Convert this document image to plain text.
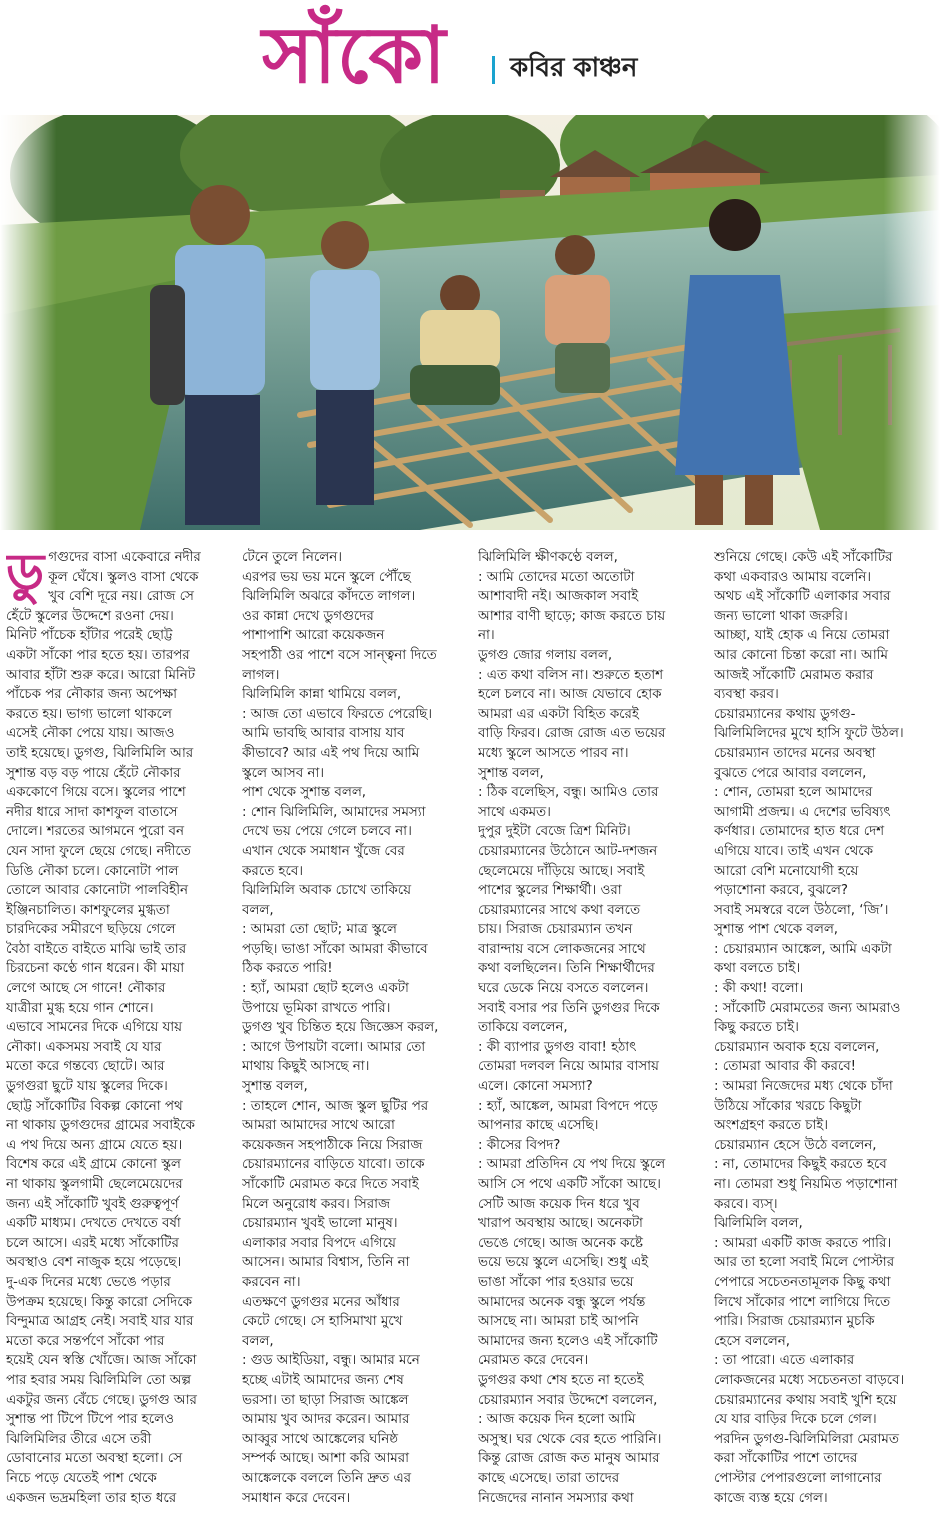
সাঁকো কবির কাঞ্চন
ডু গগুদের বাসা একেবারে নদীর
কূল ঘেঁষে। স্কুলও বাসা থেকে
খুব বেশি দূরে নয়। রোজ সে
হেঁটে স্কুলের উদ্দেশে রওনা দেয়।
মিনিট পাঁচেক হাঁটার পরেই ছোট্ট
একটা সাঁকো পার হতে হয়। তারপর
আবার হাঁটা শুরু করে। আরো মিনিট
পাঁচেক পর নৌকার জন্য অপেক্ষা
করতে হয়। ভাগ্য ভালো থাকলে
এসেই নৌকা পেয়ে যায়। আজও
তাই হয়েছে। ডুগগু, ঝিলিমিলি আর
সুশান্ত বড় বড় পায়ে হেঁটে নৌকার
এককোণে গিয়ে বসে। স্কুলের পাশে
নদীর ধারে সাদা কাশফুল বাতাসে
দোলে। শরতের আগমনে পুরো বন
যেন সাদা ফুলে ছেয়ে গেছে। নদীতে
ডিঙি নৌকা চলে। কোনোটা পাল
তোলে আবার কোনোটা পালবিহীন
ইঞ্জিনচালিত। কাশফুলের মুগ্ধতা
চারদিকের সমীরণে ছড়িয়ে গেলে
বৈঠা বাইতে বাইতে মাঝি ভাই তার
চিরচেনা কণ্ঠে গান ধরেন। কী মায়া
লেগে আছে সে গানে! নৌকার
যাত্রীরা মুগ্ধ হয়ে গান শোনে।
এভাবে সামনের দিকে এগিয়ে যায়
নৌকা। একসময় সবাই যে যার
মতো করে গন্তব্যে ছোটে। আর
ডুগগুরা ছুটে যায় স্কুলের দিকে।
ছোট্ট সাঁকোটির বিকল্প কোনো পথ
না থাকায় ডুগগুদের গ্রামের সবাইকে
এ পথ দিয়ে অন্য গ্রামে যেতে হয়।
বিশেষ করে এই গ্রামে কোনো স্কুল
না থাকায় স্কুলগামী ছেলেমেয়েদের
জন্য এই সাঁকোটি খুবই গুরুত্বপূর্ণ
একটি মাধ্যম। দেখতে দেখতে বর্ষা
চলে আসে। এরই মধ্যে সাঁকোটির
অবস্থাও বেশ নাজুক হয়ে পড়েছে।
দু-এক দিনের মধ্যে ভেঙে পড়ার
উপক্রম হয়েছে। কিন্তু কারো সেদিকে
বিন্দুমাত্র আগ্রহ নেই। সবাই যার যার
মতো করে সন্তর্পণে সাঁকো পার
হয়েই যেন স্বস্তি খোঁজে। আজ সাঁকো
পার হবার সময় ঝিলিমিলি তো অল্প
একটুর জন্য বেঁচে গেছে। ডুগগু আর
সুশান্ত পা টিপে টিপে পার হলেও
ঝিলিমিলির তীরে এসে তরী
ডোবানোর মতো অবস্থা হলো। সে
নিচে পড়ে যেতেই পাশ থেকে
একজন ভদ্রমহিলা তার হাত ধরে

টেনে তুলে নিলেন।
এরপর ভয় ভয় মনে স্কুলে পৌঁছে
ঝিলিমিলি অঝরে কাঁদতে লাগল।
ওর কান্না দেখে ডুগগুদের
পাশাপাশি আরো কয়েকজন
সহপাঠী ওর পাশে বসে সান্ত্বনা দিতে
লাগল।
ঝিলিমিলি কান্না থামিয়ে বলল,
: আজ তো এভাবে ফিরতে পেরেছি।
আমি ভাবছি আবার বাসায় যাব
কীভাবে? আর এই পথ দিয়ে আমি
স্কুলে আসব না।
পাশ থেকে সুশান্ত বলল,
: শোন ঝিলিমিলি, আমাদের সমস্যা
দেখে ভয় পেয়ে গেলে চলবে না।
এখান থেকে সমাধান খুঁজে বের
করতে হবে।
ঝিলিমিলি অবাক চোখে তাকিয়ে
বলল,
: আমরা তো ছোট; মাত্র স্কুলে
পড়ছি। ভাঙা সাঁকো আমরা কীভাবে
ঠিক করতে পারি!
: হ্যাঁ, আমরা ছোট হলেও একটা
উপায়ে ভূমিকা রাখতে পারি।
ডুগগু খুব চিন্তিত হয়ে জিজ্ঞেস করল,
: আগে উপায়টা বলো। আমার তো
মাথায় কিছুই আসছে না।
সুশান্ত বলল,
: তাহলে শোন, আজ স্কুল ছুটির পর
আমরা আমাদের সাথে আরো
কয়েকজন সহপাঠীকে নিয়ে সিরাজ
চেয়ারম্যানের বাড়িতে যাবো। তাকে
সাঁকোটি মেরামত করে দিতে সবাই
মিলে অনুরোধ করব। সিরাজ
চেয়ারম্যান খুবই ভালো মানুষ।
এলাকার সবার বিপদে এগিয়ে
আসেন। আমার বিশ্বাস, তিনি না
করবেন না।
এতক্ষণে ডুগগুর মনের আঁধার
কেটে গেছে। সে হাসিমাখা মুখে
বলল,
: গুড আইডিয়া, বন্ধু। আমার মনে
হচ্ছে এটাই আমাদের জন্য শেষ
ভরসা। তা ছাড়া সিরাজ আঙ্কেল
আমায় খুব আদর করেন। আমার
আব্বুর সাথে আঙ্কেলের ঘনিষ্ঠ
সম্পর্ক আছে। আশা করি আমরা
আঙ্কেলকে বললে তিনি দ্রুত এর
সমাধান করে দেবেন।

ঝিলিমিলি ক্ষীণকণ্ঠে বলল,
: আমি তোদের মতো অতোটা
আশাবাদী নই। আজকাল সবাই
আশার বাণী ছাড়ে; কাজ করতে চায়
না।
ডুগগু জোর গলায় বলল,
: এত কথা বলিস না। শুরুতে হতাশ
হলে চলবে না। আজ যেভাবে হোক
আমরা এর একটা বিহিত করেই
বাড়ি ফিরব। রোজ রোজ এত ভয়ের
মধ্যে স্কুলে আসতে পারব না।
সুশান্ত বলল,
: ঠিক বলেছিস, বন্ধু। আমিও তোর
সাথে একমত।
দুপুর দুইটা বেজে ত্রিশ মিনিট।
চেয়ারম্যানের উঠোনে আট-দশজন
ছেলেমেয়ে দাঁড়িয়ে আছে। সবাই
পাশের স্কুলের শিক্ষার্থী। ওরা
চেয়ারম্যানের সাথে কথা বলতে
চায়। সিরাজ চেয়ারম্যান তখন
বারান্দায় বসে লোকজনের সাথে
কথা বলছিলেন। তিনি শিক্ষার্থীদের
ঘরে ডেকে নিয়ে বসতে বললেন।
সবাই বসার পর তিনি ডুগগুর দিকে
তাকিয়ে বললেন,
: কী ব্যাপার ডুগগু বাবা! হঠাৎ
তোমরা দলবল নিয়ে আমার বাসায়
এলে। কোনো সমস্যা?
: হ্যাঁ, আঙ্কেল, আমরা বিপদে পড়ে
আপনার কাছে এসেছি।
: কীসের বিপদ?
: আমরা প্রতিদিন যে পথ দিয়ে স্কুলে
আসি সে পথে একটি সাঁকো আছে।
সেটি আজ কয়েক দিন ধরে খুব
খারাপ অবস্থায় আছে। অনেকটা
ভেঙে গেছে। আজ অনেক কষ্টে
ভয়ে ভয়ে স্কুলে এসেছি। শুধু এই
ভাঙা সাঁকো পার হওয়ার ভয়ে
আমাদের অনেক বন্ধু স্কুলে পর্যন্ত
আসছে না। আমরা চাই আপনি
আমাদের জন্য হলেও এই সাঁকোটি
মেরামত করে দেবেন।
ডুগগুর কথা শেষ হতে না হতেই
চেয়ারম্যান সবার উদ্দেশে বললেন,
: আজ কয়েক দিন হলো আমি
অসুস্থ। ঘর থেকে বের হতে পারিনি।
কিন্তু রোজ রোজ কত মানুষ আমার
কাছে এসেছে। তারা তাদের
নিজেদের নানান সমস্যার কথা

শুনিয়ে গেছে। কেউ এই সাঁকোটির
কথা একবারও আমায় বলেনি।
অথচ এই সাঁকোটি এলাকার সবার
জন্য ভালো থাকা জরুরি।
আচ্ছা, যাই হোক এ নিয়ে তোমরা
আর কোনো চিন্তা করো না। আমি
আজই সাঁকোটি মেরামত করার
ব্যবস্থা করব।
চেয়ারম্যানের কথায় ডুগগু-
ঝিলিমিলিদের মুখে হাসি ফুটে উঠল।
চেয়ারম্যান তাদের মনের অবস্থা
বুঝতে পেরে আবার বললেন,
: শোন, তোমরা হলে আমাদের
আগামী প্রজন্ম। এ দেশের ভবিষ্যৎ
কর্ণধার। তোমাদের হাত ধরে দেশ
এগিয়ে যাবে। তাই এখন থেকে
আরো বেশি মনোযোগী হয়ে
পড়াশোনা করবে, বুঝলে?
সবাই সমস্বরে বলে উঠলো, ‘জি’।
সুশান্ত পাশ থেকে বলল,
: চেয়ারম্যান আঙ্কেল, আমি একটা
কথা বলতে চাই।
: কী কথা! বলো।
: সাঁকোটি মেরামতের জন্য আমরাও
কিছু করতে চাই।
চেয়ারম্যান অবাক হয়ে বললেন,
: তোমরা আবার কী করবে!
: আমরা নিজেদের মধ্য থেকে চাঁদা
উঠিয়ে সাঁকোর খরচে কিছুটা
অংশগ্রহণ করতে চাই।
চেয়ারম্যান হেসে উঠে বললেন,
: না, তোমাদের কিছুই করতে হবে
না। তোমরা শুধু নিয়মিত পড়াশোনা
করবে। ব্যস্।
ঝিলিমিলি বলল,
: আমরা একটি কাজ করতে পারি।
আর তা হলো সবাই মিলে পোস্টার
পেপারে সচেতনতামূলক কিছু কথা
লিখে সাঁকোর পাশে লাগিয়ে দিতে
পারি। সিরাজ চেয়ারম্যান মুচকি
হেসে বললেন,
: তা পারো। এতে এলাকার
লোকজনের মধ্যে সচেতনতা বাড়বে।
চেয়ারম্যানের কথায় সবাই খুশি হয়ে
যে যার বাড়ির দিকে চলে গেল।
পরদিন ডুগগু-ঝিলিমিলিরা মেরামত
করা সাঁকোটির পাশে তাদের
পোস্টার পেপারগুলো লাগানোর
কাজে ব্যস্ত হয়ে গেল।
